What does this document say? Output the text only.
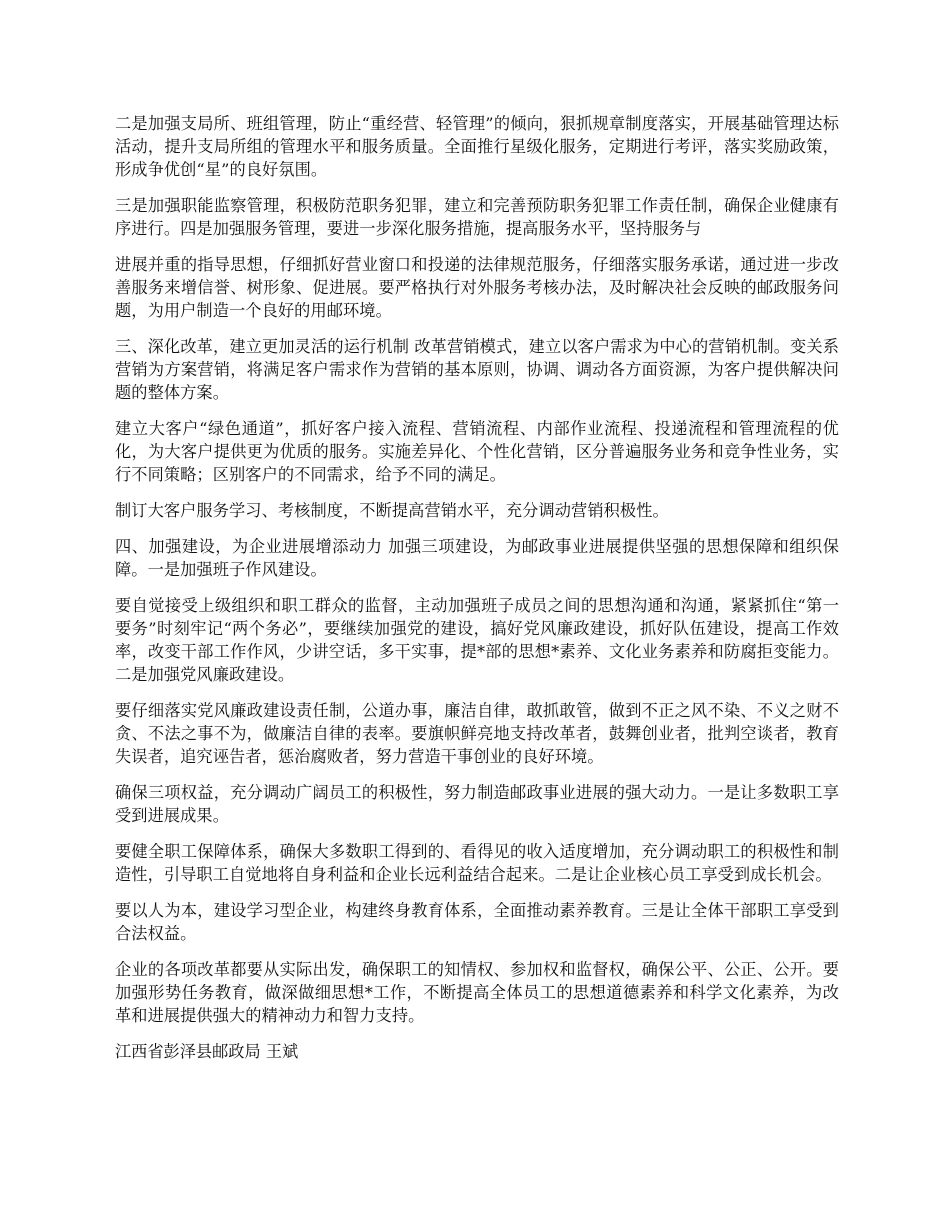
二是加强支局所、班组管理，防止“重经营、轻管理”的倾向，狠抓规章制度落实，开展基础管理达标活动，提升支局所组的管理水平和服务质量。全面推行星级化服务，定期进行考评，落实奖励政策，形成争优创“星”的良好氛围。

三是加强职能监察管理，积极防范职务犯罪，建立和完善预防职务犯罪工作责任制，确保企业健康有序进行。四是加强服务管理，要进一步深化服务措施，提高服务水平，坚持服务与

进展并重的指导思想，仔细抓好营业窗口和投递的法律规范服务，仔细落实服务承诺，通过进一步改善服务来增信誉、树形象、促进展。要严格执行对外服务考核办法，及时解决社会反映的邮政服务问题，为用户制造一个良好的用邮环境。

三、深化改革，建立更加灵活的运行机制 改革营销模式，建立以客户需求为中心的营销机制。变关系营销为方案营销，将满足客户需求作为营销的基本原则，协调、调动各方面资源，为客户提供解决问题的整体方案。

建立大客户“绿色通道”，抓好客户接入流程、营销流程、内部作业流程、投递流程和管理流程的优化，为大客户提供更为优质的服务。实施差异化、个性化营销，区分普遍服务业务和竞争性业务，实行不同策略；区别客户的不同需求，给予不同的满足。

制订大客户服务学习、考核制度，不断提高营销水平，充分调动营销积极性。

四、加强建设，为企业进展增添动力 加强三项建设，为邮政事业进展提供坚强的思想保障和组织保障。一是加强班子作风建设。

要自觉接受上级组织和职工群众的监督，主动加强班子成员之间的思想沟通和沟通，紧紧抓住“第一要务”时刻牢记“两个务必”，要继续加强党的建设，搞好党风廉政建设，抓好队伍建设，提高工作效率，改变干部工作作风，少讲空话，多干实事，提*部的思想*素养、文化业务素养和防腐拒变能力。二是加强党风廉政建设。

要仔细落实党风廉政建设责任制，公道办事，廉洁自律，敢抓敢管，做到不正之风不染、不义之财不贪、不法之事不为，做廉洁自律的表率。要旗帜鲜亮地支持改革者，鼓舞创业者，批判空谈者，教育失误者，追究诬告者，惩治腐败者，努力营造干事创业的良好环境。

确保三项权益，充分调动广阔员工的积极性，努力制造邮政事业进展的强大动力。一是让多数职工享受到进展成果。

要健全职工保障体系，确保大多数职工得到的、看得见的收入适度增加，充分调动职工的积极性和制造性，引导职工自觉地将自身利益和企业长远利益结合起来。二是让企业核心员工享受到成长机会。

要以人为本，建设学习型企业，构建终身教育体系，全面推动素养教育。三是让全体干部职工享受到合法权益。

企业的各项改革都要从实际出发，确保职工的知情权、参加权和监督权，确保公平、公正、公开。要加强形势任务教育，做深做细思想*工作，不断提高全体员工的思想道德素养和科学文化素养，为改革和进展提供强大的精神动力和智力支持。

江西省彭泽县邮政局 王斌
